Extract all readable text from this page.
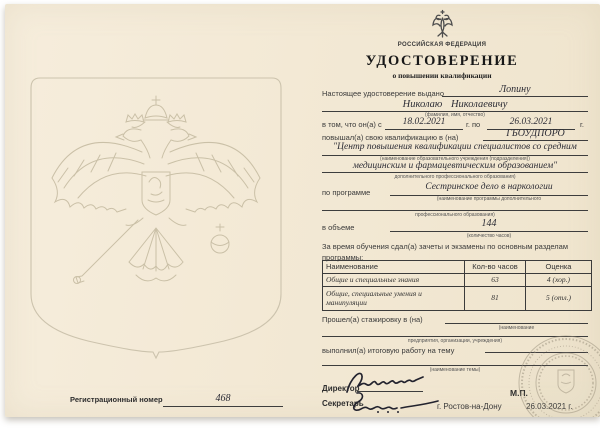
РОССИЙСКАЯ ФЕДЕРАЦИЯ
УДОСТОВЕРЕНИЕ
о повышении квалификации
Настоящее удостоверение выдано	Лопину
Николаю Николаевичу
(фамилия, имя, отчество)
в том, что он(а) с	18.02.2021	г. по	26.03.2021	г.
повышал(а) свою квалификацию в (на)	ГБОУДПОРО
"Центр повышения квалификации специалистов со средним
(наименование образовательного учреждения (подразделения))
медицинским и фармацевтическим образованием"
дополнительного профессионального образования)
по программе
Сестринское дело в наркологии
(наименование программы дополнительного
профессионального образования)
в объеме	144
(количество часов)
За время обучения сдал(а) зачеты и экзамены по основным разделам программы:
Наименование	Кол-во часов	Оценка
Общие и специальные знания	63	4 (хор.)
Общие, специальные умения и манипуляции	81	5 (отл.)
Прошел(а) стажировку в (на)
(наименование
предприятия, организации, учреждения)
выполнил(а) итоговую работу на тему
(наименование темы)
Директор	М.П.
Секретарь	г. Ростов-на-Дону	26.03.2021 г.
Регистрационный номер	468
